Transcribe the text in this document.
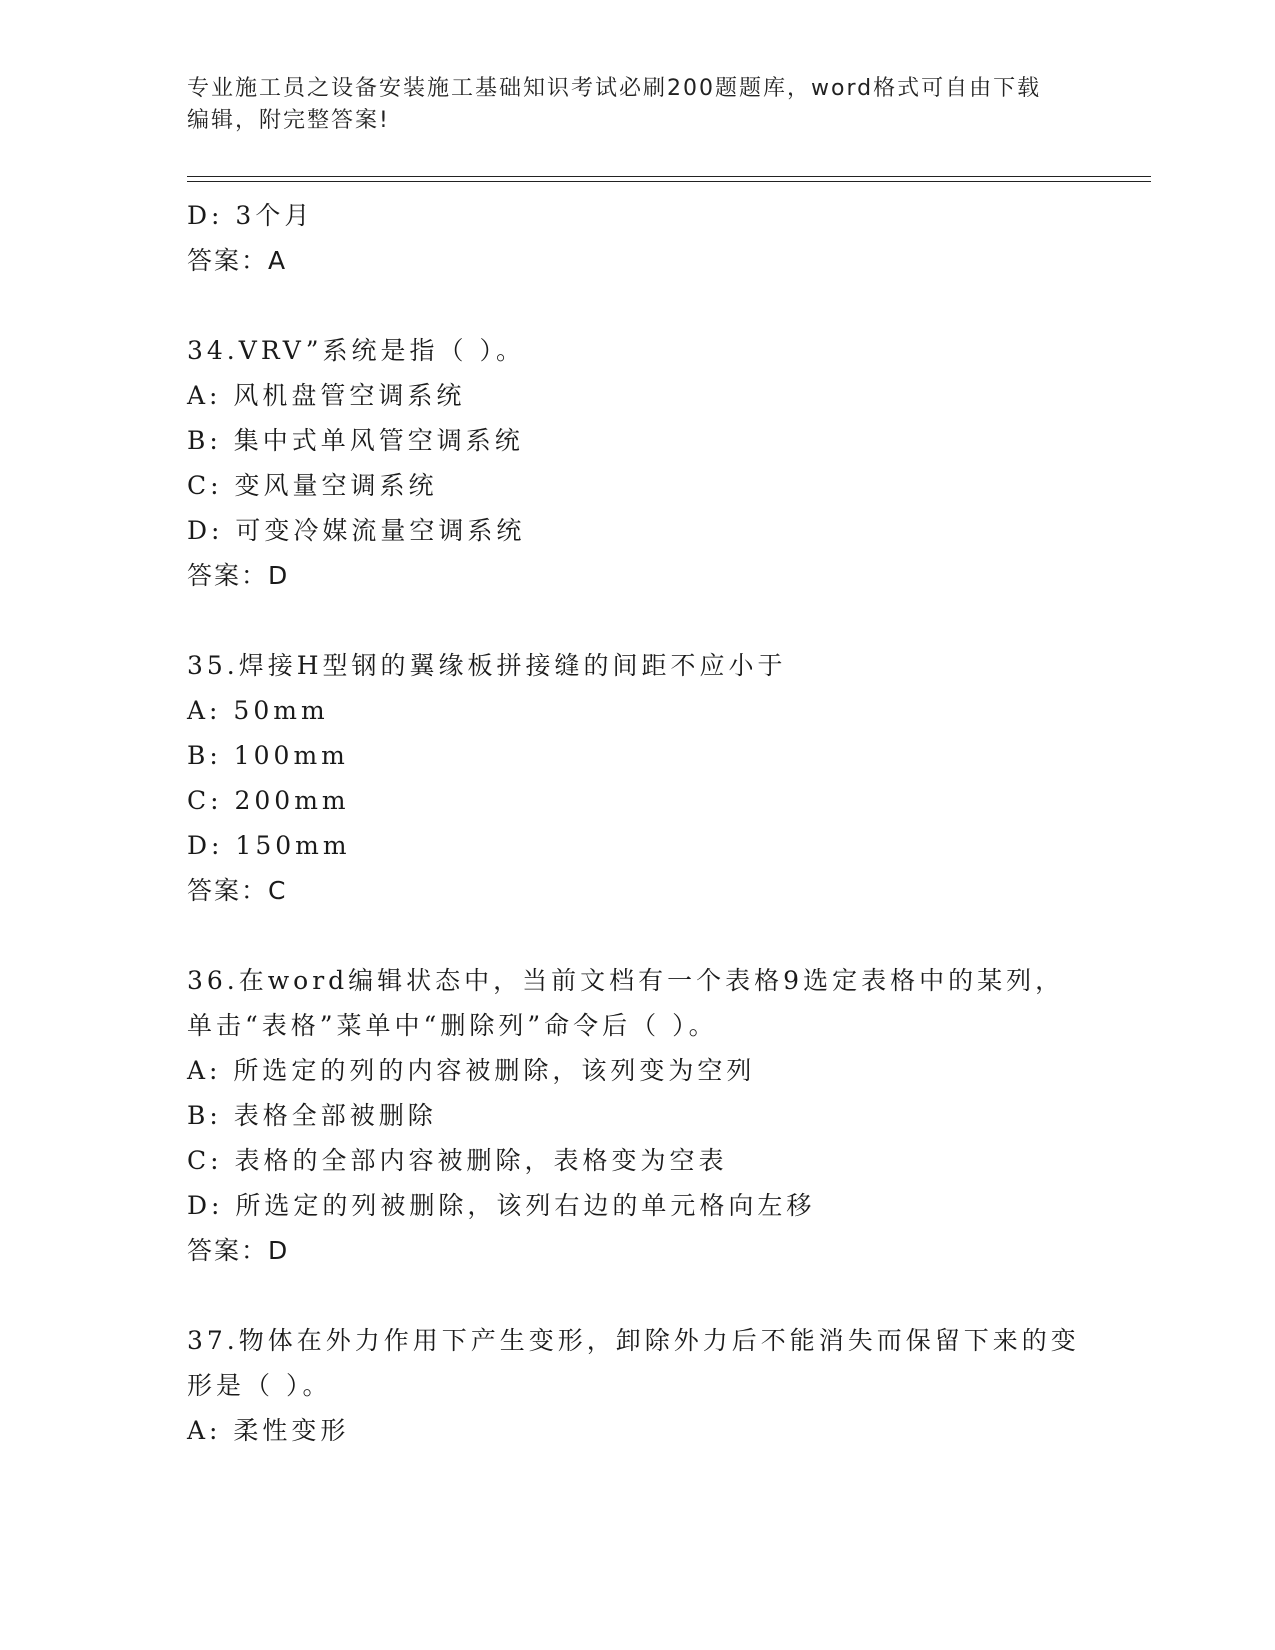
专业施工员之设备安装施工基础知识考试必刷200题题库，word格式可自由下载
编辑，附完整答案!
D: 3个月
答案：A
34.VRV”系统是指（ ）。
A: 风机盘管空调系统
B: 集中式单风管空调系统
C: 变风量空调系统
D: 可变冷媒流量空调系统
答案：D
35.焊接H型钢的翼缘板拼接缝的间距不应小于
A: 50mm
B: 100mm
C: 200mm
D: 150mm
答案：C
36.在word编辑状态中，当前文档有一个表格9选定表格中的某列，
单击“表格”菜单中“删除列”命令后（ ）。
A: 所选定的列的内容被删除，该列变为空列
B: 表格全部被删除
C: 表格的全部内容被删除，表格变为空表
D: 所选定的列被删除，该列右边的单元格向左移
答案：D
37.物体在外力作用下产生变形，卸除外力后不能消失而保留下来的变
形是（ ）。
A: 柔性变形
